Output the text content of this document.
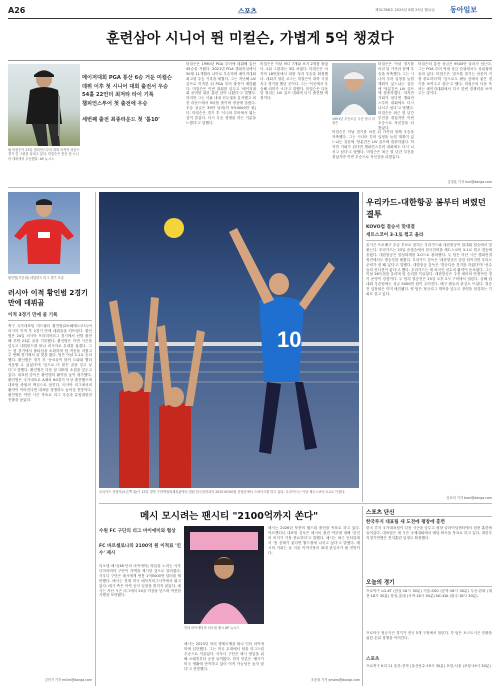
A26	스포츠	제31786호 2025년 8월 25일 월요일 동아일보
훈련삼아 시니어 뛴 미컬슨, 가볍게 5억 챙겼다
메이저대회 PGA 통산 6승 거둔 미컬슨
데뷔 이후 첫 시니어 대회 출전서 우승
54홀 22언더 최저타 타이 기록
챔피언스투어 첫 출전에 우승
세번째 출전 최종라운드 첫 '톱10'
필 미컬슨이 23일 챔피언스투어 대회 마지막 라운드 경기 중 그린을 살피고 있다. 미컬슨은 통산 첫 시니어 대회에서 우승했다. AP 뉴시스
미컬슨은 1990년 PGA 투어에 데뷔해 통산 45승을 거뒀다. 2021년 PGA 챔피언십에서 50세 11개월의 나이로 우승하며 메이저대회 최고령 우승 기록을 세웠다. 그는 지난해 LIV 골프로 이적한 뒤 PGA 투어 출전이 제한됐다. 미컬슨은 이번 대회를 앞두고 '메이저대회 준비를 위한 훈련 삼아 나왔다'고 말했다. 하지만 그는 사흘 내내 선두권을 유지했고 최종 라운드에서 5타를 줄이며 정상에 올랐다. 우승 상금은 39만 달러(약 5억4000만 원)다. 미컬슨은 경기 후 '시니어 투어에서 뛰는 것이 즐겁다. 다시 우승 경쟁을 하는 기분을 느꼈다'고 말했다.
미컬슨은 이날 버디 7개와 보기 2개를 묶었다. 2위 그룹과는 3타 차였다. 미컬슨은 마지막 18번홀에서 파를 지켜 우승을 확정했다. 대회가 열린 코스는 미컬슨이 대학 시절 자주 경기를 했던 곳이다. 그는 '이곳에서 우승해 의미가 크다'고 말했다. 미컬슨은 다음 달 열리는 LIV 골프 대회에 다시 출전할 예정이다.
1991년 투산오픈 우승 당시 미컬슨
미컬슨은 이날 경기를 마친 뒤 가족과 함께 우승을 자축했다. 그는 시니어 투어 일정을 늘릴 계획이 있느냐는 질문에 '당분간은 LIV 골프에 집중하겠다. 하지만 기회가 된다면 챔피언스투어 대회에도 다시 나서고 싶다'고 답했다. 미컬슨은 최근 몇 년간 부진을 겪었지만 이번 우승으로 자신감을 되찾았다.
미컬슨은 이날 경기를 마친 뒤 가족과 함께 우승을 자축했다. 그는 시니어 투어 일정을 늘릴 계획이 있느냐는 질문에 '당분간은 LIV 골프에 집중하겠다. 하지만 기회가 된다면 챔피언스투어 대회에도 다시 나서고 싶다'고 답했다. 미컬슨은 최근 몇 년간 부진을 겪었지만 이번 우승으로 자신감을 되찾았다.
미컬슨의 통산 상금은 9500만 달러가 넘는다. 그는 PGA 투어 역대 상금 순위에서도 상위권에 올라 있다. 미컬슨은 '골프를 즐기는 마음이 가장 중요하다'며 '앞으로도 팬들 앞에서 좋은 경기를 보여주고 싶다'고 했다. 미컬슨의 다음 목표는 메이저대회에서 다시 한번 경쟁력을 보여주는 것이다.
김정훈 기자 hun@donga.com
황인범(가운데) 네덜란드 리그 경기 모습
러시아 이적 황인범 2경기 만에 데뷔골
이적 3경기 만에 골 기록
축구 국가대표팀 미드필더 황인범(29·페예노르트)이 러시아 이적 후 2경기 만에 데뷔골을 터뜨렸다. 황인범은 24일 러시아 프리미어리그 경기에서 선발 출전해 후반 23분 골을 기록했다. 황인범은 이번 시즌을 앞두고 네덜란드를 떠나 러시아로 무대를 옮겼다. 그는 첫 경기에서 풀타임을 소화하며 팀 적응을 마쳤고 두 번째 경기에서 골 맛을 봤다. 팀은 이날 2-1로 승리했다. 황인범은 경기 후 '동료들이 많이 도와줘 빨리 적응할 수 있었다'며 '앞으로 더 많은 골을 넣고 싶다'고 말했다. 황인범은 다음 달 대표팀 소집을 앞두고 있다. 대표팀 감독은 황인범의 활약을 높이 평가했다. 황인범은 국가대표로 A매치 60경기 이상 출전했으며 대표팀 중원의 핵심으로 꼽힌다. 러시아 리그에서의 활약이 이어진다면 대표팀 경쟁력도 높아질 전망이다. 황인범은 이번 시즌 목표로 리그 우승과 유럽대항전 진출을 꼽았다.
김민기 기자 mkim@donga.com
10
우리카드 신영석(오른쪽 위)이 23일 경북 구미박정희체육관에서 열린 한국전력과의 2025 KOVO컵 준결승에서 스파이크를 하고 있다. 우리카드는 이날 세트스코어 3-1로 이겼다.
우리카드-대한항공 봄부터 벼렸던 결투
KOVO컵 결승서 맞대결
세트스코어 3-1로 꺾고 올라
올시즌 프로배구 우승 후보로 꼽히는 우리카드와 대한항공이 컵대회 결승에서 맞붙는다. 우리카드는 23일 준결승에서 한국전력을 세트스코어 3-1로 꺾고 결승에 올랐다. 대한항공은 삼성화재를 3-0으로 완파했다. 두 팀은 지난 시즌 챔피언결정전에서도 명승부를 펼쳤다. 우리카드 감독은 '대한항공은 강한 팀이지만 우리도 준비가 잘 돼 있다'고 말했다. 대한항공 감독은 '결승다운 경기를 하겠다'며 '선수들의 컨디션이 좋다'고 했다. 우리카드는 새 외국인 선수의 활약이 돋보였다. 그는 이날 26득점을 올리며 팀 승리를 이끌었다. 대한항공은 주전 세터의 안정적인 경기 운영이 강점이다. 두 팀의 결승전은 25일 오후 2시 구미에서 열린다. 올해 컵대회 우승팀에는 상금 5000만 원이 주어진다. 배구 팬들의 관심도 뜨겁다. 결승전 입장권은 이미 매진됐다. 양 팀은 정규리그 개막을 앞두고 전력을 점검하는 기회로 삼고 있다.
임보미 기자 bom@donga.com
메시 모시려는 팬시티 "2100억까지 쏜다"
수원 FC 구단의 리그 마이애미와 협상
FC 바르셀로나의 2100억 원 이적료 '인수' 제시
리오넬 메시(38·인터 마이애미) 영입을 노리는 사우디아라비아 구단이 거액을 제시한 것으로 알려졌다. 사우디 구단은 메시에게 연봉 1억5000만 달러를 제안했다. 메시는 현재 미국 메이저리그사커에서 뛰고 있다. 메시 측은 아직 공식 입장을 밝히지 않았다. 메시는 지난 시즌 리그에서 20골 이상을 넣으며 여전한 기량을 보여줬다.
인터 마이애미의 리오넬 메시 AP 뉴시스
메시는 2023년 파리 생제르맹을 떠나 인터 마이애미에 입단했다. 그는 미국 무대에서 팀을 리그스컵 우승으로 이끌었다. 사우디 구단은 메시 영입을 위해 오래전부터 공을 들여왔다. 현지 언론은 '메시가 미국 생활에 만족하고 있어 이적 가능성은 높지 않다'고 전망했다.
메시는 2026년 북중미 월드컵 출전을 목표로 하고 있다. 아르헨티나 대표팀 감독은 메시의 출전 여부에 대해 '본인의 의지가 가장 중요하다'고 말했다. 메시는 최근 인터뷰에서 '몸 상태가 좋다면 월드컵에 나서고 싶다'고 밝혔다. 메시의 거취는 올 겨울 이적시장의 최대 관심사가 될 전망이다.
조응형 기자 yesbro@donga.com
스포츠 단신
한국루지 대표팀 새 도전에 평창에 훈련
한국 루지 국가대표팀이 다음 시즌을 앞두고 평창 슬라이딩센터에서 집중 훈련에 들어갔다. 대표팀은 새 시즌 국제대회에서 메달 획득을 목표로 하고 있다. 대한루지경기연맹은 전지훈련 일정도 확정했다.
오늘의 경기
프로야구 LG-KT (잠실·18시 30분) 키움-SSG (문학·18시 30분) 두산-한화 (대전·18시 30분) 삼성-롯데 (사직·18시 30분) NC-KIA (광주·18시 30분)
프로야구 정규시즌 경기가 전국 5개 구장에서 열린다. 각 팀은 포스트시즌 진출을 위한 순위 경쟁을 이어간다.
스포츠
프로축구 K리그1 울산-전북 (울산문수·19시 30분) 포항-서울 (포항·19시 30분)
